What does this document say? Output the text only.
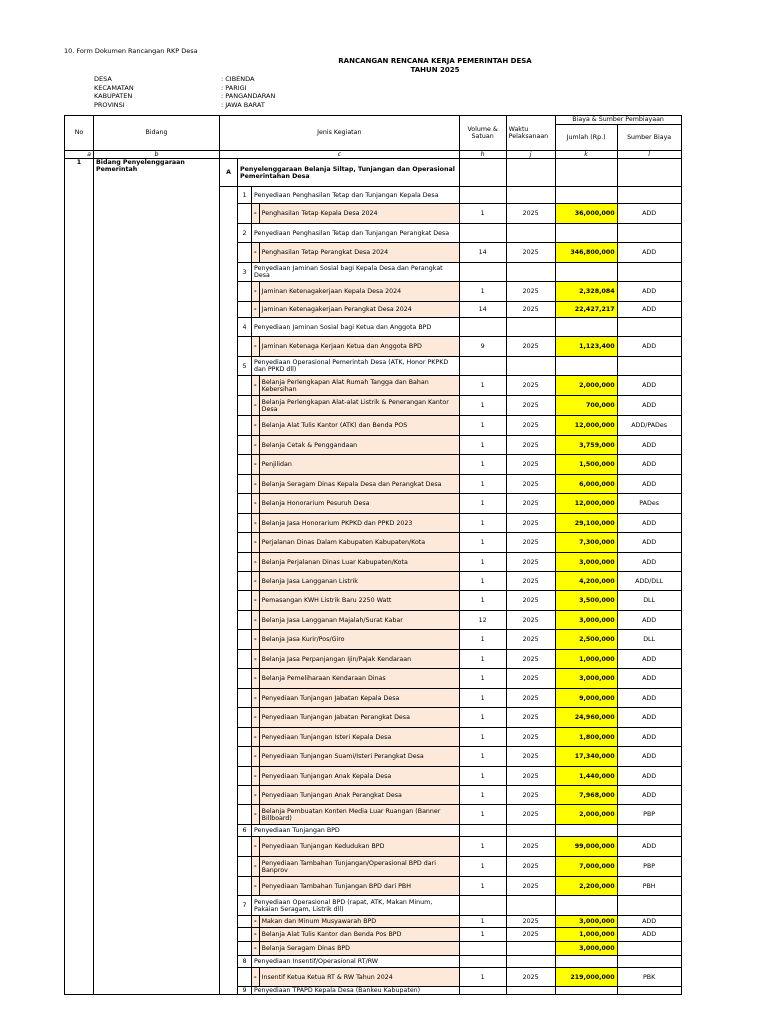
10. Form Dokumen Rancangan RKP Desa
RANCANGAN RENCANA KERJA PEMERINTAH DESA
TAHUN 2025
DESA	: CIBENDA
KECAMATAN	: PARIGI
KABUPATEN	: PANGANDARAN
PROVINSI	: JAWA BARAT
No	Bidang	Jenis Kegiatan				Volume & Satuan	Waktu Pelaksanaan	Biaya & Sumber Pembiayaan	
								Jumlah (Rp.)	Sumber Biaya
a	b	c				h	j	k	l
1	Bidang Penyelenggaraan Pemerintah	A	Penyelenggaraan Belanja Siltap, Tunjangan dan Operasional Pemerintahan Desa						
			1	Penyediaan Penghasilan Tetap dan Tunjangan Kepala Desa					
				-	Penghasilan Tetap Kepala Desa 2024	1	2025	36,000,000	ADD
			2	Penyediaan Penghasilan Tetap dan Tunjangan Perangkat Desa					
				-	Penghasilan Tetap Perangkat Desa 2024	14	2025	346,800,000	ADD
			3	Penyediaan Jaminan Sosial bagi Kepala Desa dan Perangkat Desa					
				-	Jaminan Ketenagakerjaan Kepala Desa 2024	1	2025	2,328,084	ADD
				-	Jaminan Ketenagakerjaan Perangkat Desa 2024	14	2025	22,427,217	ADD
			4	Penyediaan Jaminan Sosial bagi Ketua dan Anggota BPD					
				-	Jaminan Ketenaga Kerjaan Ketua dan Anggota BPD	9	2025	1,123,400	ADD
			5	Penyediaan Operasional Pemerintah Desa (ATK, Honor PKPKD dan PPKD dll)					
				-	Belanja Perlengkapan Alat Rumah Tangga dan Bahan Kebersihan	1	2025	2,000,000	ADD
				-	Belanja Perlengkapan Alat-alat Listrik & Penerangan Kantor Desa	1	2025	700,000	ADD
				-	Belanja Alat Tulis Kantor (ATK) dan Benda POS	1	2025	12,000,000	ADD/PADes
				-	Belanja Cetak & Penggandaan	1	2025	3,759,000	ADD
				-	Penjilidan	1	2025	1,500,000	ADD
				-	Belanja Seragam Dinas Kepala Desa dan Perangkat Desa	1	2025	6,000,000	ADD
				-	Belanja Honorarium Pesuruh Desa	1	2025	12,000,000	PADes
				-	Belanja Jasa Honorarium PKPKD dan PPKD 2023	1	2025	29,100,000	ADD
				-	Perjalanan Dinas Dalam Kabupaten Kabupaten/Kota	1	2025	7,300,000	ADD
				-	Belanja Perjalanan Dinas Luar Kabupaten/Kota	1	2025	3,000,000	ADD
				-	Belanja Jasa Langganan Listrik	1	2025	4,200,000	ADD/DLL
				-	Pemasangan KWH Listrik Baru 2250 Watt	1	2025	3,500,000	DLL
				-	Belanja Jasa Langganan Majalah/Surat Kabar	12	2025	3,000,000	ADD
				-	Belanja Jasa Kurir/Pos/Giro	1	2025	2,500,000	DLL
				-	Belanja Jasa Perpanjangan Ijin/Pajak Kendaraan	1	2025	1,000,000	ADD
				-	Belanja Pemeliharaan Kendaraan Dinas	1	2025	3,000,000	ADD
				-	Penyediaan Tunjangan Jabatan Kepala Desa	1	2025	9,000,000	ADD
				-	Penyediaan Tunjangan Jabatan Perangkat Desa	1	2025	24,960,000	ADD
				-	Penyediaan Tunjangan Isteri Kepala Desa	1	2025	1,800,000	ADD
				-	Penyediaan Tunjangan Suami/Isteri Perangkat Desa	1	2025	17,340,000	ADD
				-	Penyediaan Tunjangan Anak Kepala Desa	1	2025	1,440,000	ADD
				-	Penyediaan Tunjangan Anak Perangkat Desa	1	2025	7,968,000	ADD
				-	Belanja Pembuatan Konten Media Luar Ruangan (Banner Billboard)	1	2025	2,000,000	PBP
			6	Penyediaan Tunjangan BPD					
				-	Penyediaan Tunjangan Kedudukan BPD	1	2025	99,000,000	ADD
				-	Penyediaan Tambahan Tunjangan/Operasional BPD dari Banprov	1	2025	7,000,000	PBP
				-	Penyediaan Tambahan Tunjangan BPD dari PBH	1	2025	2,200,000	PBH
			7	Penyediaan Operasional BPD (rapat, ATK, Makan Minum, Pakaian Seragam, Listrik dll)					
				-	Makan dan Minum Musyawarah BPD	1	2025	3,000,000	ADD
				-	Belanja Alat Tulis Kantor dan Benda Pos BPD	1	2025	1,000,000	ADD
				-	Belanja Seragam Dinas BPD			3,000,000	
			8	Penyediaan Insentif/Operasional RT/RW					
				-	Insentif Ketua Ketua RT & RW Tahun 2024	1	2025	219,000,000	PBK
			9	Penyediaan TPAPD Kepala Desa (Bankeu Kabupaten)					
